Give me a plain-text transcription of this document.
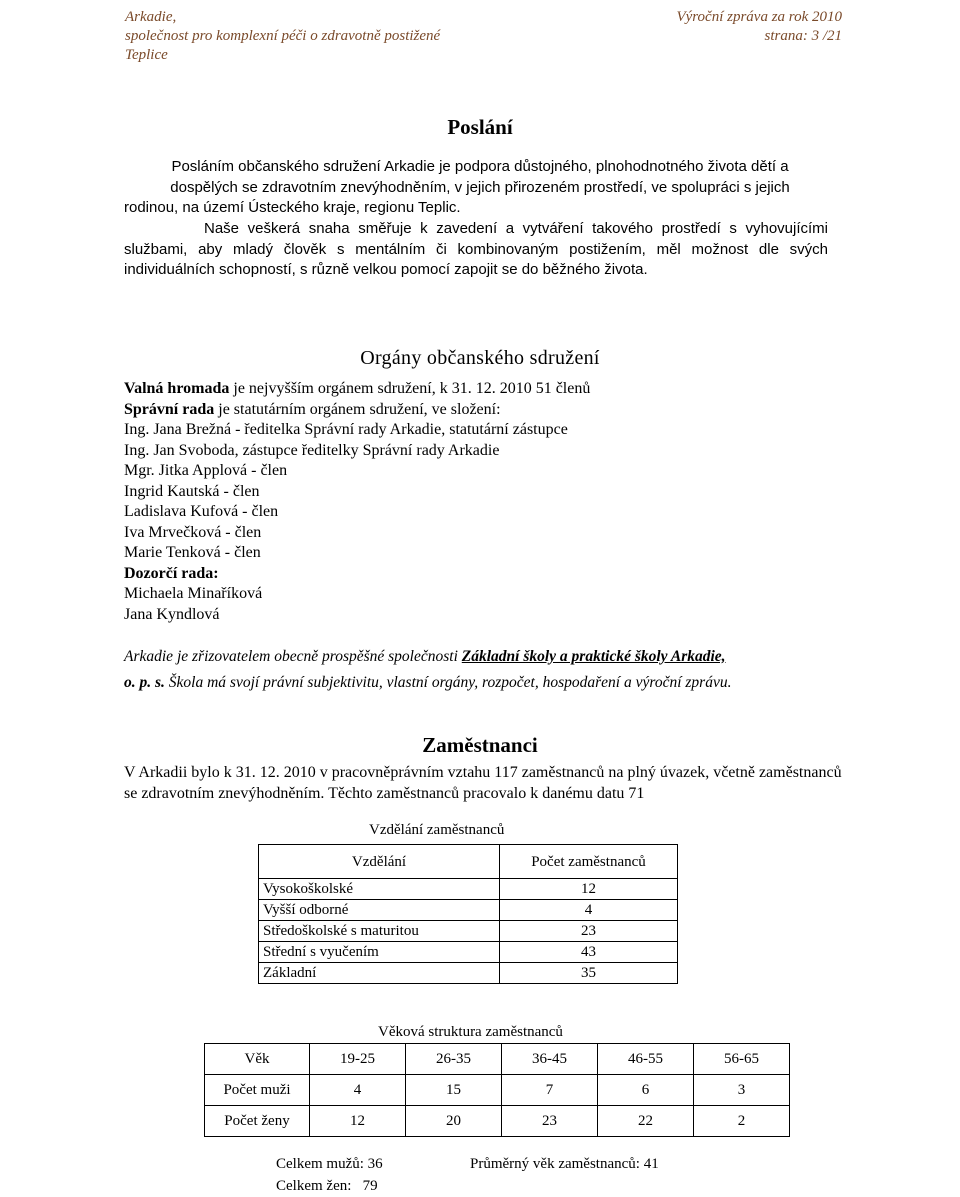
Arkadie,
společnost pro komplexní péči o zdravotně postižené
Teplice
Výroční zpráva za rok 2010
strana: 3 /21
Poslání
Posláním občanského sdružení Arkadie je podpora důstojného, plnohodnotného života dětí a
dospělých se zdravotním znevýhodněním, v jejich přirozeném prostředí, ve spolupráci s jejich
rodinou, na území Ústeckého kraje, regionu Teplic.
Naše veškerá snaha směřuje k zavedení a vytváření takového prostředí s vyhovujícími službami, aby mladý člověk s mentálním či kombinovaným postižením, měl možnost dle svých individuálních schopností, s různě velkou pomocí zapojit se do běžného života.
Orgány občanského sdružení
Valná hromada je nejvyšším orgánem sdružení, k 31. 12. 2010 51 členů
Správní rada je statutárním orgánem sdružení, ve složení:
Ing. Jana Brežná - ředitelka Správní rady Arkadie, statutární zástupce
Ing. Jan Svoboda, zástupce ředitelky Správní rady Arkadie
Mgr. Jitka Applová - člen
Ingrid Kautská - člen
Ladislava Kufová - člen
Iva Mrvečková - člen
Marie Tenková - člen
Dozorčí rada:
Michaela Minaříková
Jana Kyndlová
Arkadie je zřizovatelem obecně prospěšné společnosti Základní školy a praktické školy Arkadie,
o. p. s. Škola má svojí právní subjektivitu, vlastní orgány, rozpočet, hospodaření a výroční zprávu.
Zaměstnanci
V Arkadii bylo k 31. 12. 2010 v pracovněprávním vztahu 117 zaměstnanců na plný úvazek, včetně zaměstnanců se zdravotním znevýhodněním. Těchto zaměstnanců pracovalo k danému datu 71
Vzdělání zaměstnanců
Vzdělání	Počet zaměstnanců
Vysokoškolské	12
Vyšší odborné	4
Středoškolské s maturitou	23
Střední s vyučením	43
Základní	35
Věková struktura zaměstnanců
Věk	19-25	26-35	36-45	46-55	56-65
Počet muži	4	15	7	6	3
Počet ženy	12	20	23	22	2
Celkem mužů: 36
Celkem žen:   79
Průměrný věk zaměstnanců: 41
